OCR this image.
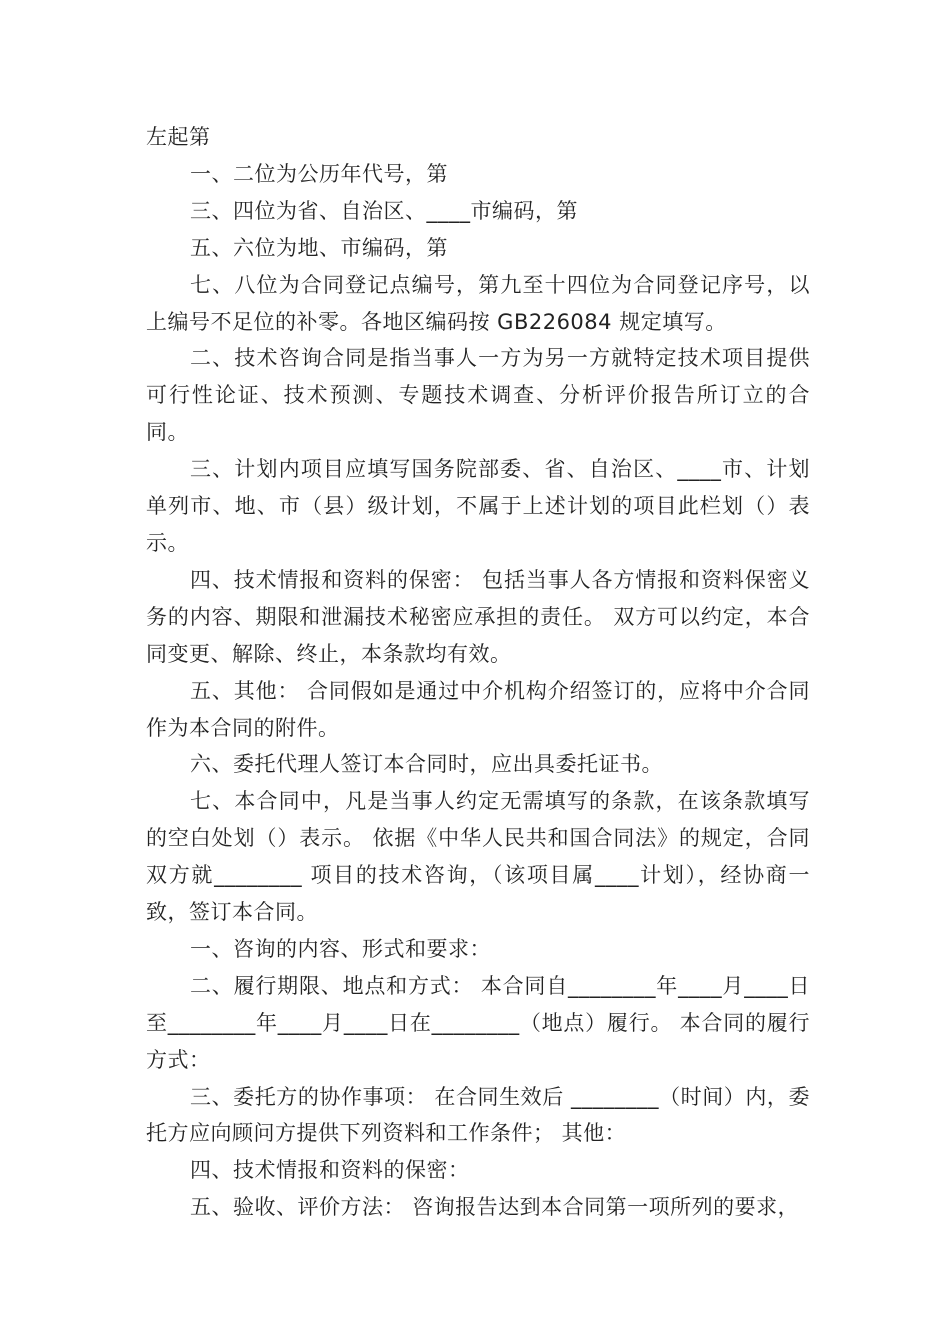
左起第

一、二位为公历年代号，第

三、四位为省、自治区、____市编码，第

五、六位为地、市编码，第

七、八位为合同登记点编号，第九至十四位为合同登记序号，以上编号不足位的补零。各地区编码按 GB226084 规定填写。

二、技术咨询合同是指当事人一方为另一方就特定技术项目提供可行性论证、技术预测、专题技术调查、分析评价报告所订立的合同。

三、计划内项目应填写国务院部委、省、自治区、____市、计划单列市、地、市（县）级计划，不属于上述计划的项目此栏划（）表示。

四、技术情报和资料的保密： 包括当事人各方情报和资料保密义务的内容、期限和泄漏技术秘密应承担的责任。 双方可以约定，本合同变更、解除、终止，本条款均有效。

五、其他： 合同假如是通过中介机构介绍签订的，应将中介合同作为本合同的附件。

六、委托代理人签订本合同时，应出具委托证书。

七、本合同中，凡是当事人约定无需填写的条款，在该条款填写的空白处划（）表示。 依据《中华人民共和国合同法》的规定，合同双方就________ 项目的技术咨询，（该项目属____计划），经协商一致，签订本合同。

一、咨询的内容、形式和要求：

二、履行期限、地点和方式： 本合同自________年____月____日至________年____月____日在________（地点）履行。 本合同的履行方式：

三、委托方的协作事项： 在合同生效后 ________（时间）内，委托方应向顾问方提供下列资料和工作条件； 其他：

四、技术情报和资料的保密：

五、验收、评价方法： 咨询报告达到本合同第一项所列的要求，
